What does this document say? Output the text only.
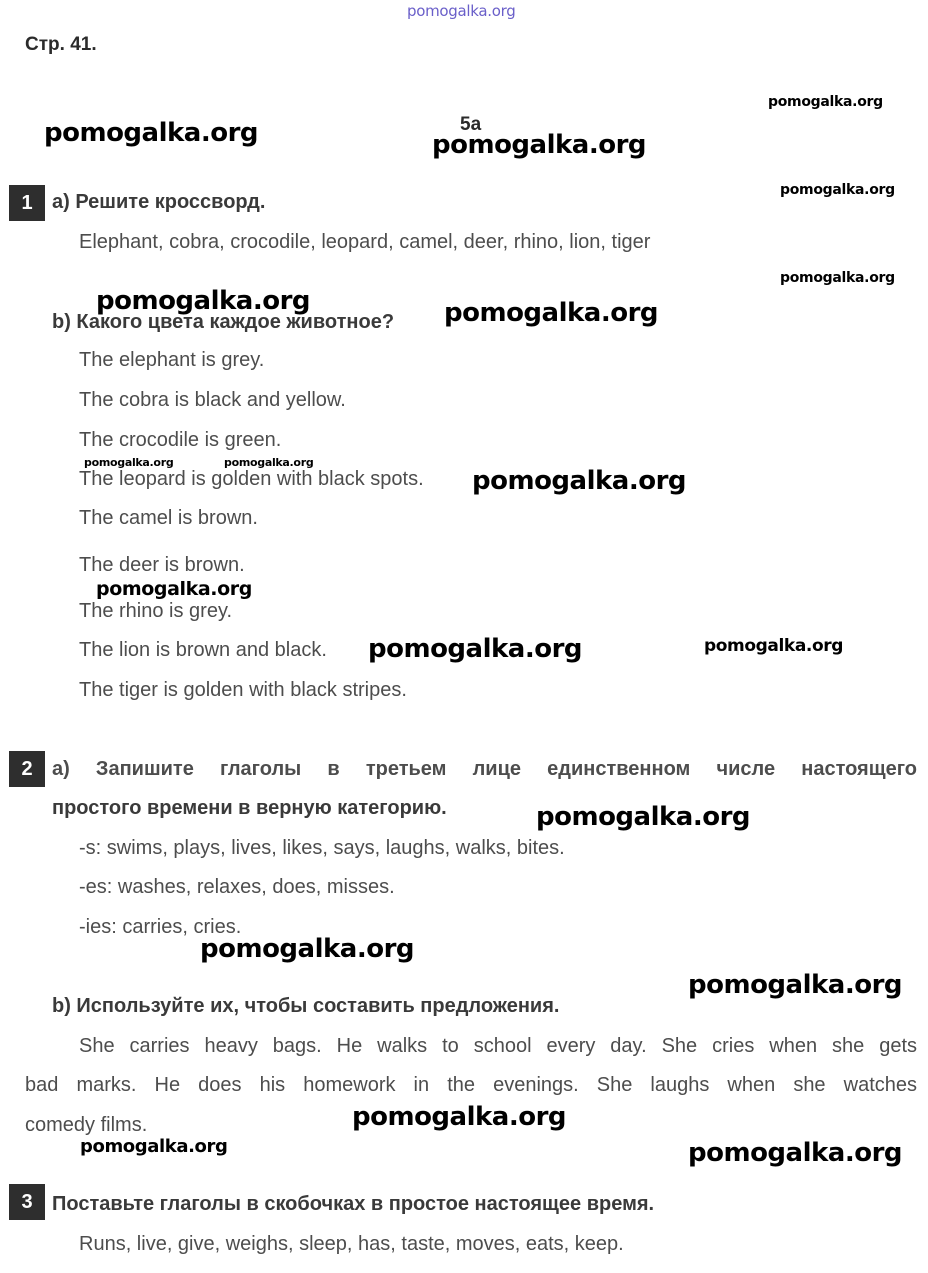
pomogalka.org
Стр. 41.
5a
1 a) Решите кроссворд.
Elephant, cobra, crocodile, leopard, camel, deer, rhino, lion, tiger
b) Какого цвета каждое животное?
The elephant is grey.
The cobra is black and yellow.
The crocodile is green.
The leopard is golden with black spots.
The camel is brown.
The deer is brown.
The rhino is grey.
The lion is brown and black.
The tiger is golden with black stripes.
2 a) Запишите глаголы в третьем лице единственном числе настоящего
простого времени в верную категорию.
-s: swims, plays, lives, likes, says, laughs, walks, bites.
-es: washes, relaxes, does, misses.
-ies: carries, cries.
b) Используйте их, чтобы составить предложения.
She carries heavy bags. He walks to school every day. She cries when she gets
bad marks. He does his homework in the evenings. She laughs when she watches
comedy films.
3 Поставьте глаголы в скобочках в простое настоящее время.
Runs, live, give, weighs, sleep, has, taste, moves, eats, keep.
pomogalka.org	pomogalka.org
pomogalka.org
pomogalka.org
pomogalka.org
pomogalka.org	pomogalka.org
pomogalka.org	pomogalka.org
pomogalka.org
pomogalka.org
pomogalka.org	pomogalka.org
pomogalka.org
pomogalka.org
pomogalka.org
pomogalka.org
pomogalka.org	pomogalka.org
